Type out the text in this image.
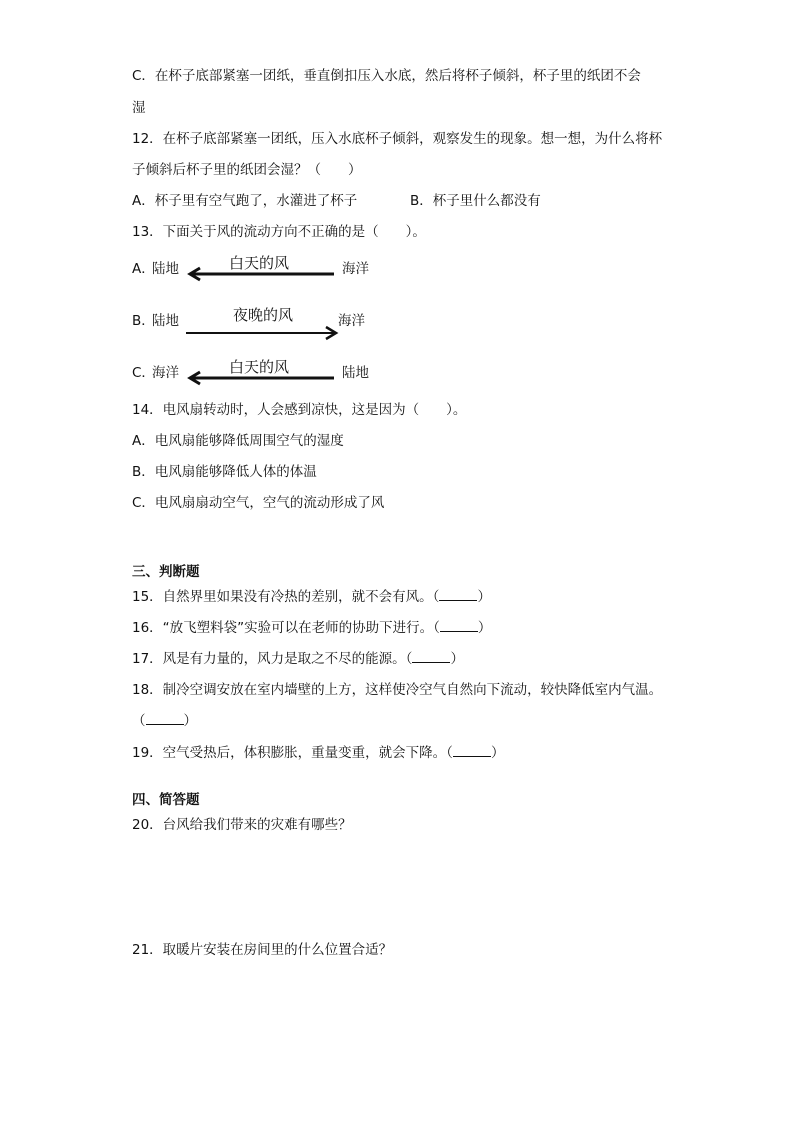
C．在杯子底部紧塞一团纸，垂直倒扣压入水底，然后将杯子倾斜，杯子里的纸团不会
湿
12．在杯子底部紧塞一团纸，压入水底杯子倾斜，观察发生的现象。想一想，为什么将杯
子倾斜后杯子里的纸团会湿？（　　）
A．杯子里有空气跑了，水灌进了杯子	B．杯子里什么都没有
13．下面关于风的流动方向不正确的是（　　）。
A．
陆地	白天的风	海洋
B．
陆地	夜晚的风	海洋
C．
海洋	白天的风	陆地
14．电风扇转动时，人会感到凉快，这是因为（　　）。
A．电风扇能够降低周围空气的湿度
B．电风扇能够降低人体的体温
C．电风扇扇动空气，空气的流动形成了风
三、判断题
15．自然界里如果没有冷热的差别，就不会有风。（	）
16．“放飞塑料袋”实验可以在老师的协助下进行。（	）
17．风是有力量的，风力是取之不尽的能源。（	）
18．制冷空调安放在室内墙壁的上方，这样使冷空气自然向下流动，较快降低室内气温。
（	）
19．空气受热后，体积膨胀，重量变重，就会下降。（	）
四、简答题
20．台风给我们带来的灾难有哪些？
21．取暖片安装在房间里的什么位置合适？
